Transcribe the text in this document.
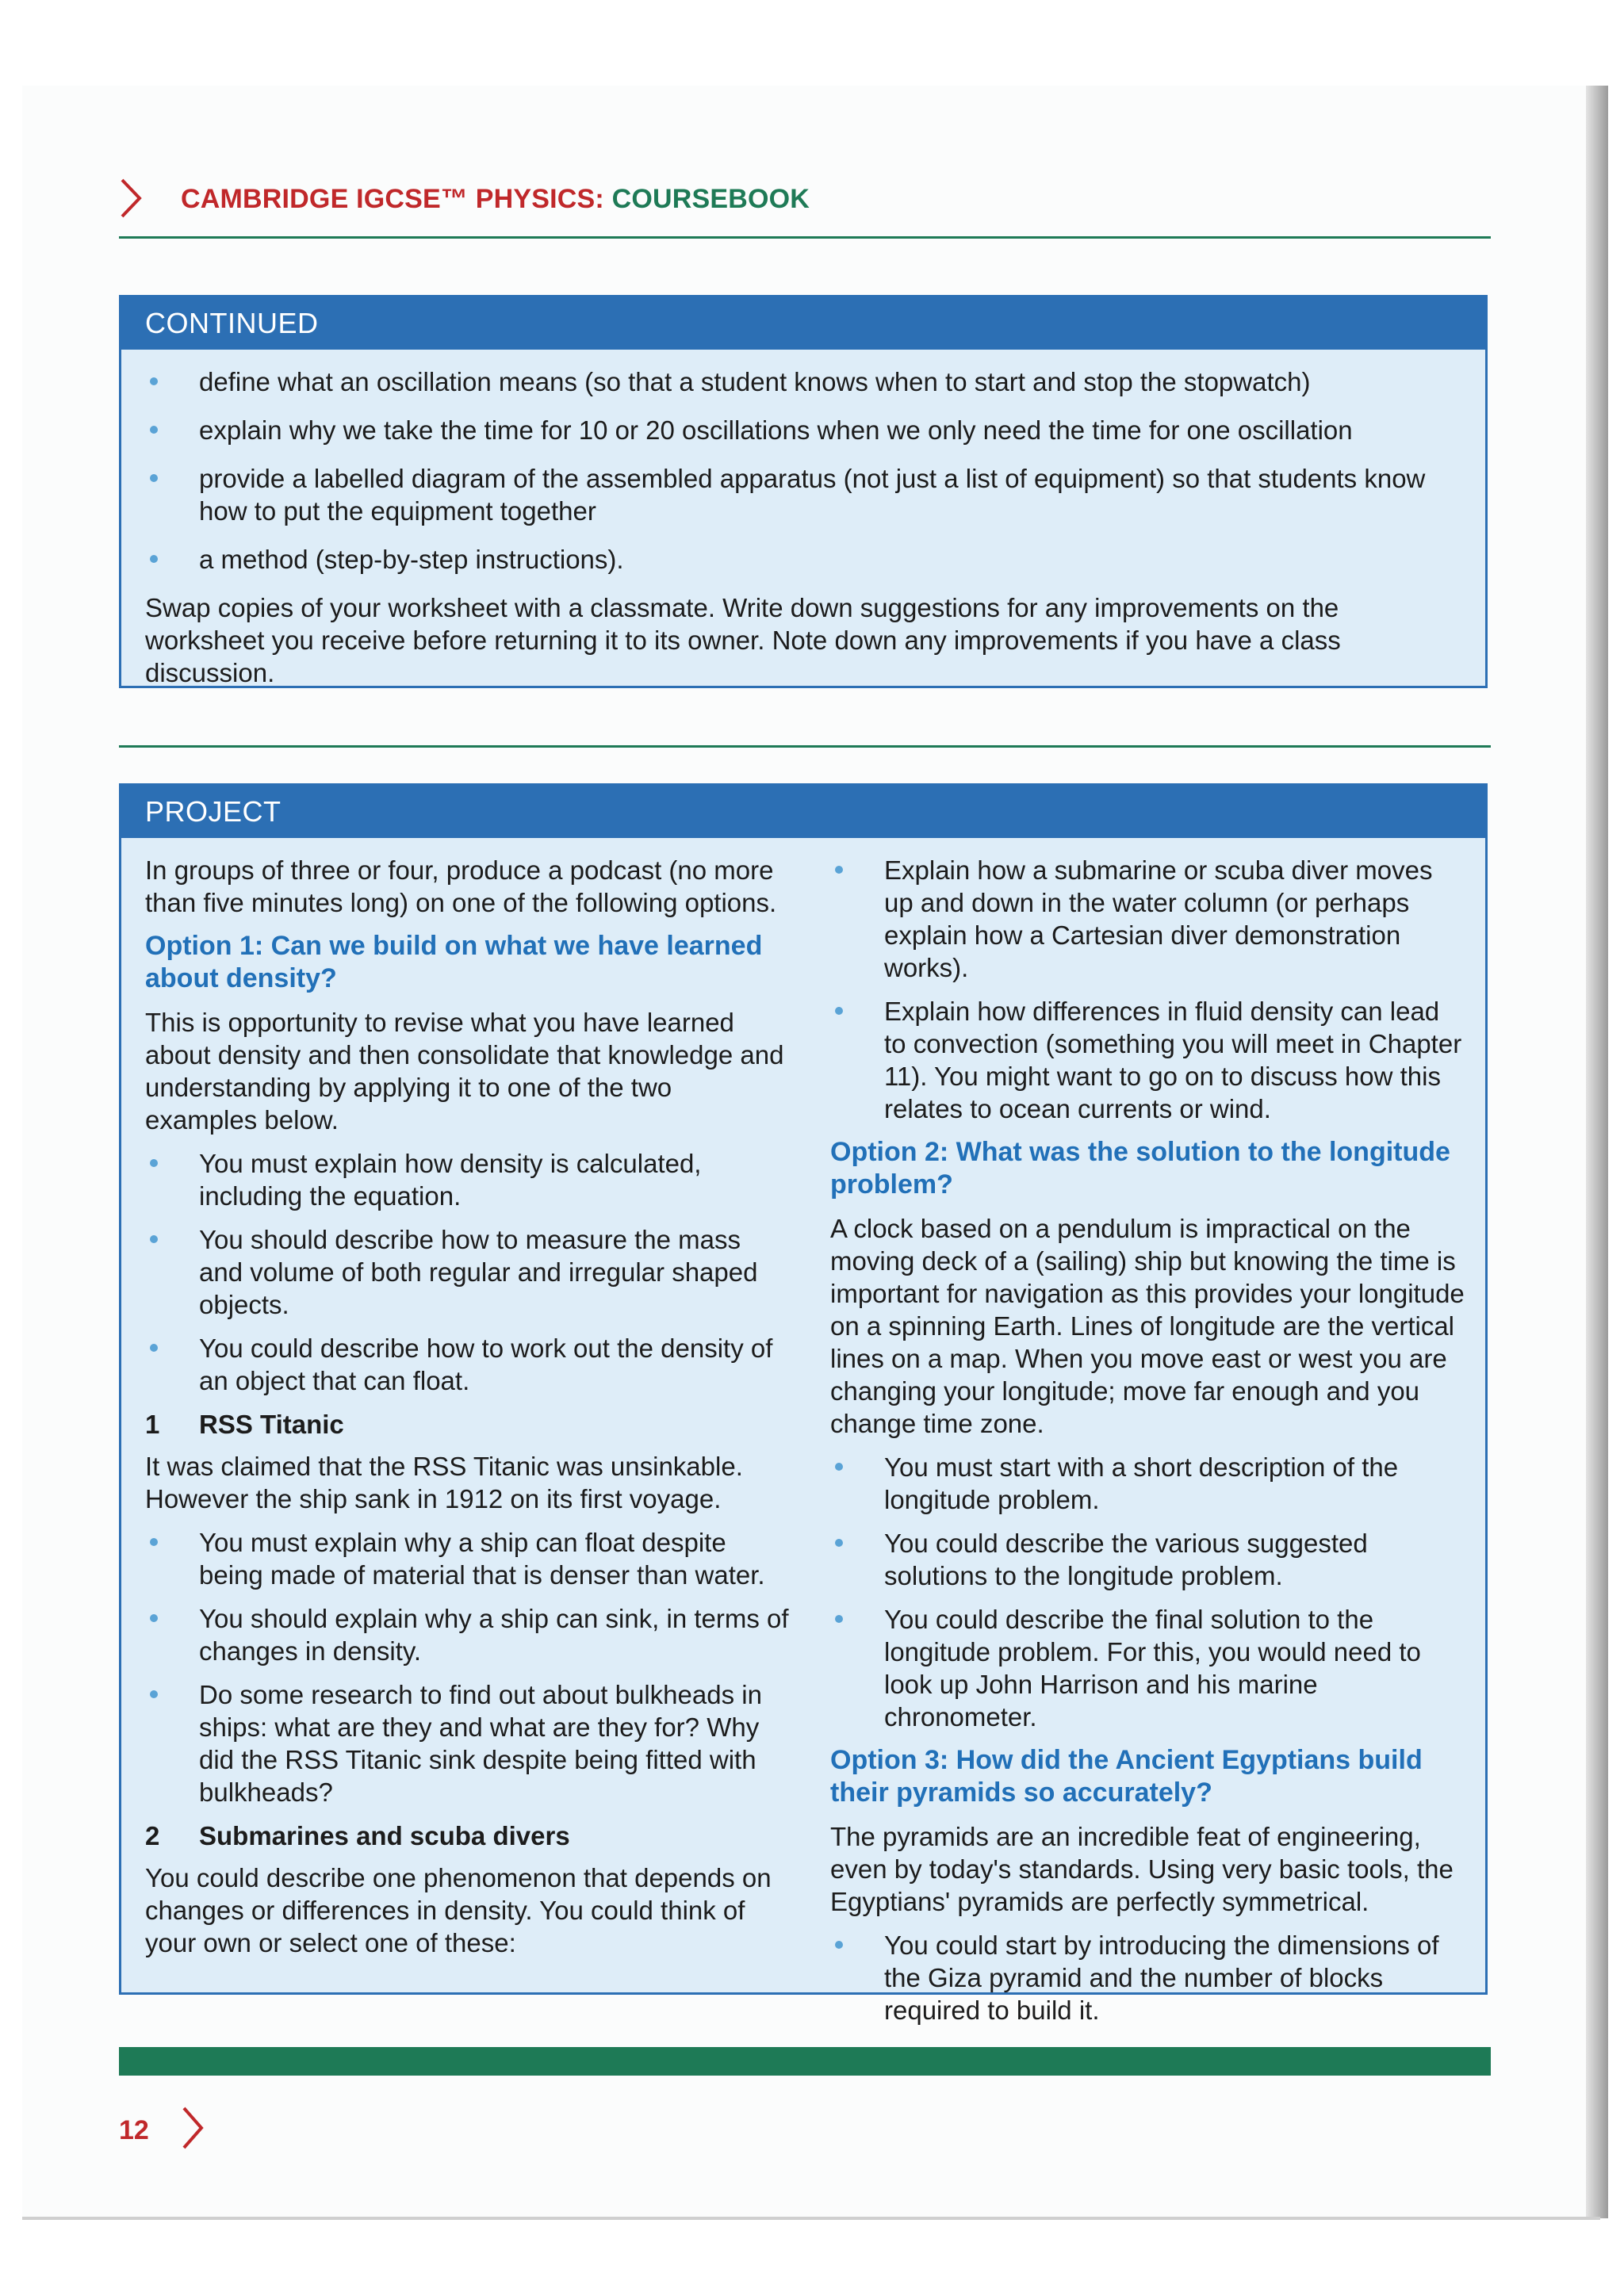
CAMBRIDGE IGCSE™ PHYSICS: COURSEBOOK
CONTINUED
define what an oscillation means (so that a student knows when to start and stop the stopwatch)
explain why we take the time for 10 or 20 oscillations when we only need the time for one oscillation
provide a labelled diagram of the assembled apparatus (not just a list of equipment) so that students know how to put the equipment together
a method (step-by-step instructions).

Swap copies of your worksheet with a classmate. Write down suggestions for any improvements on the worksheet you receive before returning it to its owner. Note down any improvements if you have a class discussion.

PROJECT

In groups of three or four, produce a podcast (no more than five minutes long) on one of the following options.

Option 1: Can we build on what we have learned about density?

This is opportunity to revise what you have learned about density and then consolidate that knowledge and understanding by applying it to one of the two examples below.

You must explain how density is calculated, including the equation.
You should describe how to measure the mass and volume of both regular and irregular shaped objects.
You could describe how to work out the density of an object that can float.
1 RSS Titanic

It was claimed that the RSS Titanic was unsinkable. However the ship sank in 1912 on its first voyage.

You must explain why a ship can float despite being made of material that is denser than water.
You should explain why a ship can sink, in terms of changes in density.
Do some research to find out about bulkheads in ships: what are they and what are they for? Why did the RSS Titanic sink despite being fitted with bulkheads?
2 Submarines and scuba divers

You could describe one phenomenon that depends on changes or differences in density. You could think of your own or select one of these:

Explain how a submarine or scuba diver moves up and down in the water column (or perhaps explain how a Cartesian diver demonstration works).
Explain how differences in fluid density can lead to convection (something you will meet in Chapter 11). You might want to go on to discuss how this relates to ocean currents or wind.
Option 2: What was the solution to the longitude problem?

A clock based on a pendulum is impractical on the moving deck of a (sailing) ship but knowing the time is important for navigation as this provides your longitude on a spinning Earth. Lines of longitude are the vertical lines on a map. When you move east or west you are changing your longitude; move far enough and you change time zone.

You must start with a short description of the longitude problem.
You could describe the various suggested solutions to the longitude problem.
You could describe the final solution to the longitude problem. For this, you would need to look up John Harrison and his marine chronometer.
Option 3: How did the Ancient Egyptians build their pyramids so accurately?

The pyramids are an incredible feat of engineering, even by today's standards. Using very basic tools, the Egyptians' pyramids are perfectly symmetrical.

You could start by introducing the dimensions of the Giza pyramid and the number of blocks required to build it.
12
